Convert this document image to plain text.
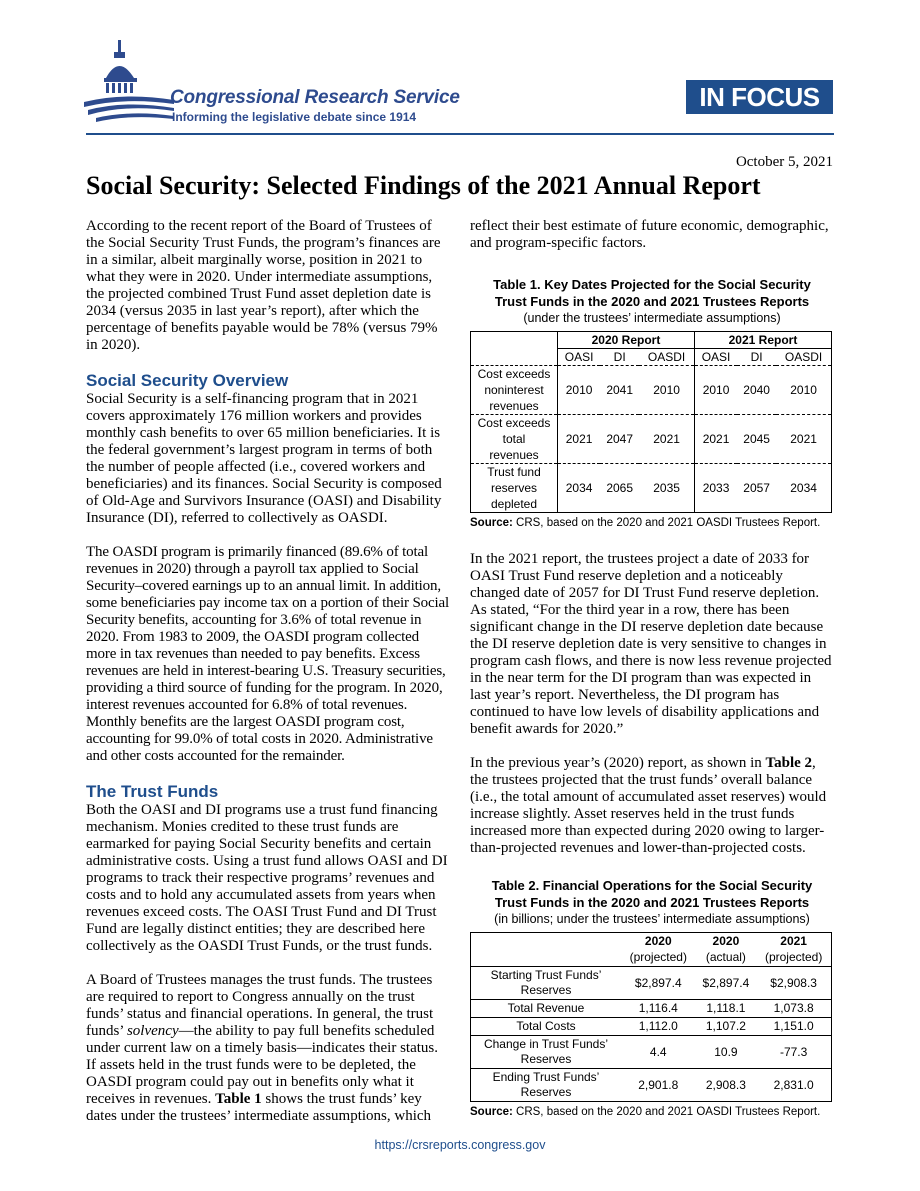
Congressional Research Service
Informing the legislative debate since 1914
IN FOCUS
October 5, 2021
Social Security: Selected Findings of the 2021 Annual Report

According to the recent report of the Board of Trustees of the Social Security Trust Funds, the program’s finances are in a similar, albeit marginally worse, position in 2021 to what they were in 2020. Under intermediate assumptions, the projected combined Trust Fund asset depletion date is 2034 (versus 2035 in last year’s report), after which the percentage of benefits payable would be 78% (versus 79% in 2020).

Social Security Overview

Social Security is a self-financing program that in 2021 covers approximately 176 million workers and provides monthly cash benefits to over 65 million beneficiaries. It is the federal government’s largest program in terms of both the number of people affected (i.e., covered workers and beneficiaries) and its finances. Social Security is composed of Old-Age and Survivors Insurance (OASI) and Disability Insurance (DI), referred to collectively as OASDI.

The OASDI program is primarily financed (89.6% of total revenues in 2020) through a payroll tax applied to Social Security–covered earnings up to an annual limit. In addition, some beneficiaries pay income tax on a portion of their Social Security benefits, accounting for 3.6% of total revenue in 2020. From 1983 to 2009, the OASDI program collected more in tax revenues than needed to pay benefits. Excess revenues are held in interest-bearing U.S. Treasury securities, providing a third source of funding for the program. In 2020, interest revenues accounted for 6.8% of total revenues. Monthly benefits are the largest OASDI program cost, accounting for 99.0% of total costs in 2020. Administrative and other costs accounted for the remainder.

The Trust Funds

Both the OASI and DI programs use a trust fund financing mechanism. Monies credited to these trust funds are earmarked for paying Social Security benefits and certain administrative costs. Using a trust fund allows OASI and DI programs to track their respective programs’ revenues and costs and to hold any accumulated assets from years when revenues exceed costs. The OASI Trust Fund and DI Trust Fund are legally distinct entities; they are described here collectively as the OASDI Trust Funds, or the trust funds.

A Board of Trustees manages the trust funds. The trustees are required to report to Congress annually on the trust funds’ status and financial operations. In general, the trust funds’ solvency—the ability to pay full benefits scheduled under current law on a timely basis—indicates their status. If assets held in the trust funds were to be depleted, the OASDI program could pay out in benefits only what it receives in revenues. Table 1 shows the trust funds’ key dates under the trustees’ intermediate assumptions, which

reflect their best estimate of future economic, demographic, and program-specific factors.

Table 1. Key Dates Projected for the Social Security
Trust Funds in the 2020 and 2021 Trustees Reports
(under the trustees’ intermediate assumptions)
	2020 Report			2021 Report		
	OASI	DI	OASDI	OASI	DI	OASDI
Cost exceeds
noninterest
revenues	2010	2041	2010	2010	2040	2010
Cost exceeds
total
revenues	2021	2047	2021	2021	2045	2021
Trust fund
reserves
depleted	2034	2065	2035	2033	2057	2034
Source: CRS, based on the 2020 and 2021 OASDI Trustees Report.

In the 2021 report, the trustees project a date of 2033 for OASI Trust Fund reserve depletion and a noticeably changed date of 2057 for DI Trust Fund reserve depletion. As stated, “For the third year in a row, there has been significant change in the DI reserve depletion date because the DI reserve depletion date is very sensitive to changes in program cash flows, and there is now less revenue projected in the near term for the DI program than was expected in last year’s report. Nevertheless, the DI program has continued to have low levels of disability applications and benefit awards for 2020.”

In the previous year’s (2020) report, as shown in Table 2, the trustees projected that the trust funds’ overall balance (i.e., the total amount of accumulated asset reserves) would increase slightly. Asset reserves held in the trust funds increased more than expected during 2020 owing to larger-than-projected revenues and lower-than-projected costs.

Table 2. Financial Operations for the Social Security
Trust Funds in the 2020 and 2021 Trustees Reports
(in billions; under the trustees’ intermediate assumptions)
	2020	2020	2021
	(projected)	(actual)	(projected)
Starting Trust Funds’
Reserves	$2,897.4	$2,897.4	$2,908.3
Total Revenue	1,116.4	1,118.1	1,073.8
Total Costs	1,112.0	1,107.2	1,151.0
Change in Trust Funds’
Reserves	4.4	10.9	-77.3
Ending Trust Funds’
Reserves	2,901.8	2,908.3	2,831.0
Source: CRS, based on the 2020 and 2021 OASDI Trustees Report.
https://crsreports.congress.gov
